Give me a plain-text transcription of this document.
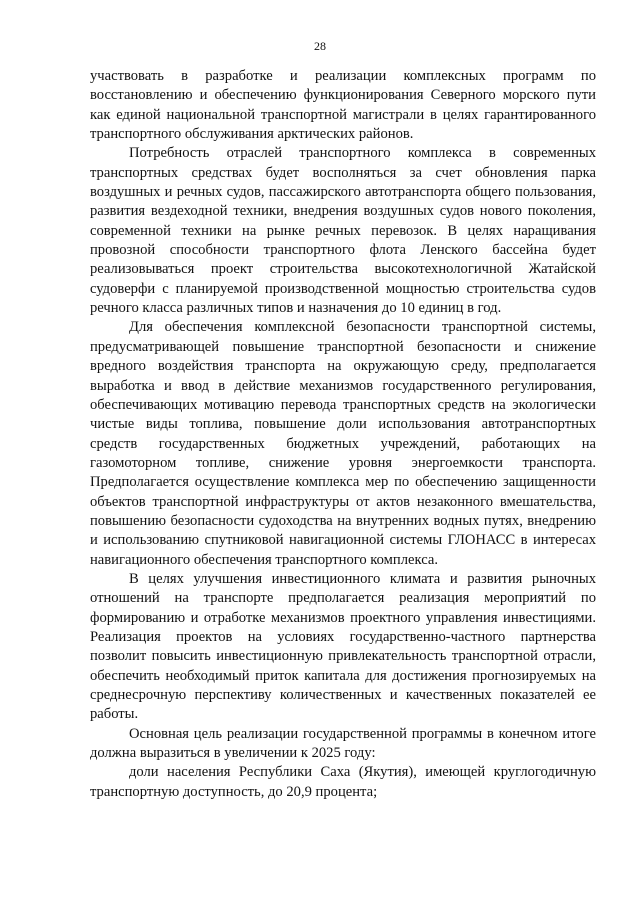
28

участвовать в разработке и реализации комплексных программ по восстановлению и обеспечению функционирования Северного морского пути как единой национальной транспортной магистрали в целях гарантированного транспортного обслуживания арктических районов.

Потребность отраслей транспортного комплекса в современных транспортных средствах будет восполняться за счет обновления парка воздушных и речных судов, пассажирского автотранспорта общего пользования, развития вездеходной техники, внедрения воздушных судов нового поколения, современной техники на рынке речных перевозок. В целях наращивания провозной способности транспортного флота Ленского бассейна будет реализовываться проект строительства высокотехнологичной Жатайской судоверфи с планируемой производственной мощностью строительства судов речного класса различных типов и назначения до 10 единиц в год.

Для обеспечения комплексной безопасности транспортной системы, предусматривающей повышение транспортной безопасности и снижение вредного воздействия транспорта на окружающую среду, предполагается выработка и ввод в действие механизмов государственного регулирования, обеспечивающих мотивацию перевода транспортных средств на экологически чистые виды топлива, повышение доли использования автотранспортных средств государственных бюджетных учреждений, работающих на газомоторном топливе, снижение уровня энергоемкости транспорта. Предполагается осуществление комплекса мер по обеспечению защищенности объектов транспортной инфраструктуры от актов незаконного вмешательства, повышению безопасности судоходства на внутренних водных путях, внедрению и использованию спутниковой навигационной системы ГЛОНАСС в интересах навигационного обеспечения транспортного комплекса.

В целях улучшения инвестиционного климата и развития рыночных отношений на транспорте предполагается реализация мероприятий по формированию и отработке механизмов проектного управления инвестициями. Реализация проектов на условиях государственно-частного партнерства позволит повысить инвестиционную привлекательность транспортной отрасли, обеспечить необходимый приток капитала для достижения прогнозируемых на среднесрочную перспективу количественных и качественных показателей ее работы.

Основная цель реализации государственной программы в конечном итоге должна выразиться в увеличении к 2025 году:

доли населения Республики Саха (Якутия), имеющей круглогодичную транспортную доступность, до 20,9 процента;
